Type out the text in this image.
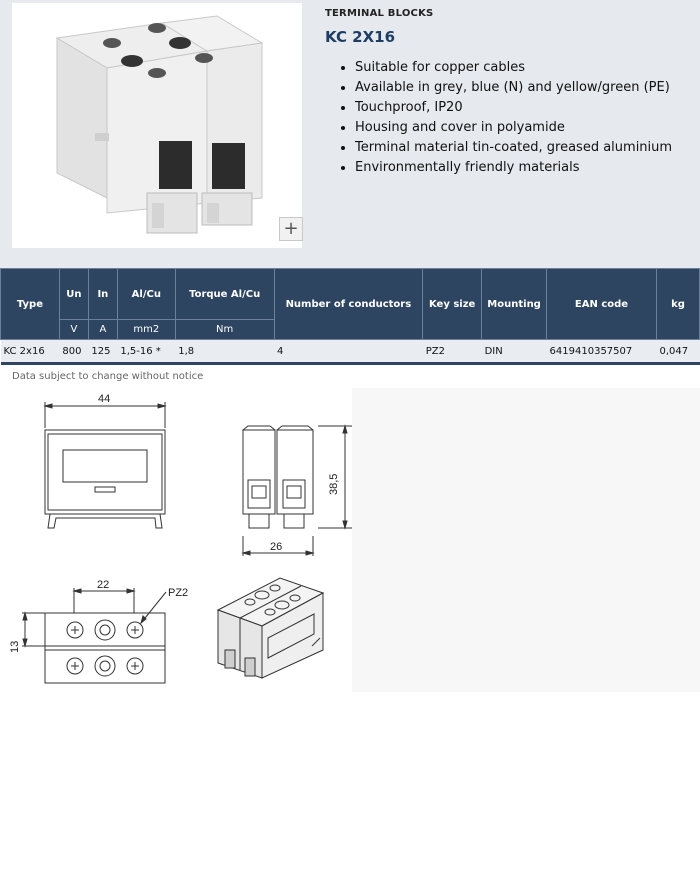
+
TERMINAL BLOCKS
KC 2X16
• Suitable for copper cables
• Available in grey, blue (N) and yellow/green (PE)
• Touchproof, IP20
• Housing and cover in polyamide
• Terminal material tin-coated, greased aluminium
• Environmentally friendly materials
Type	Un	In	Al/Cu	Torque Al/Cu	Number of conductors	Key size	Mounting	EAN code	kg
	V	A	mm2	Nm					
KC 2x16	800	125	1,5-16 *	1,8	4	PZ2	DIN	6419410357507	0,047
Data subject to change without notice
44
26
38,5
22
PZ2
13
